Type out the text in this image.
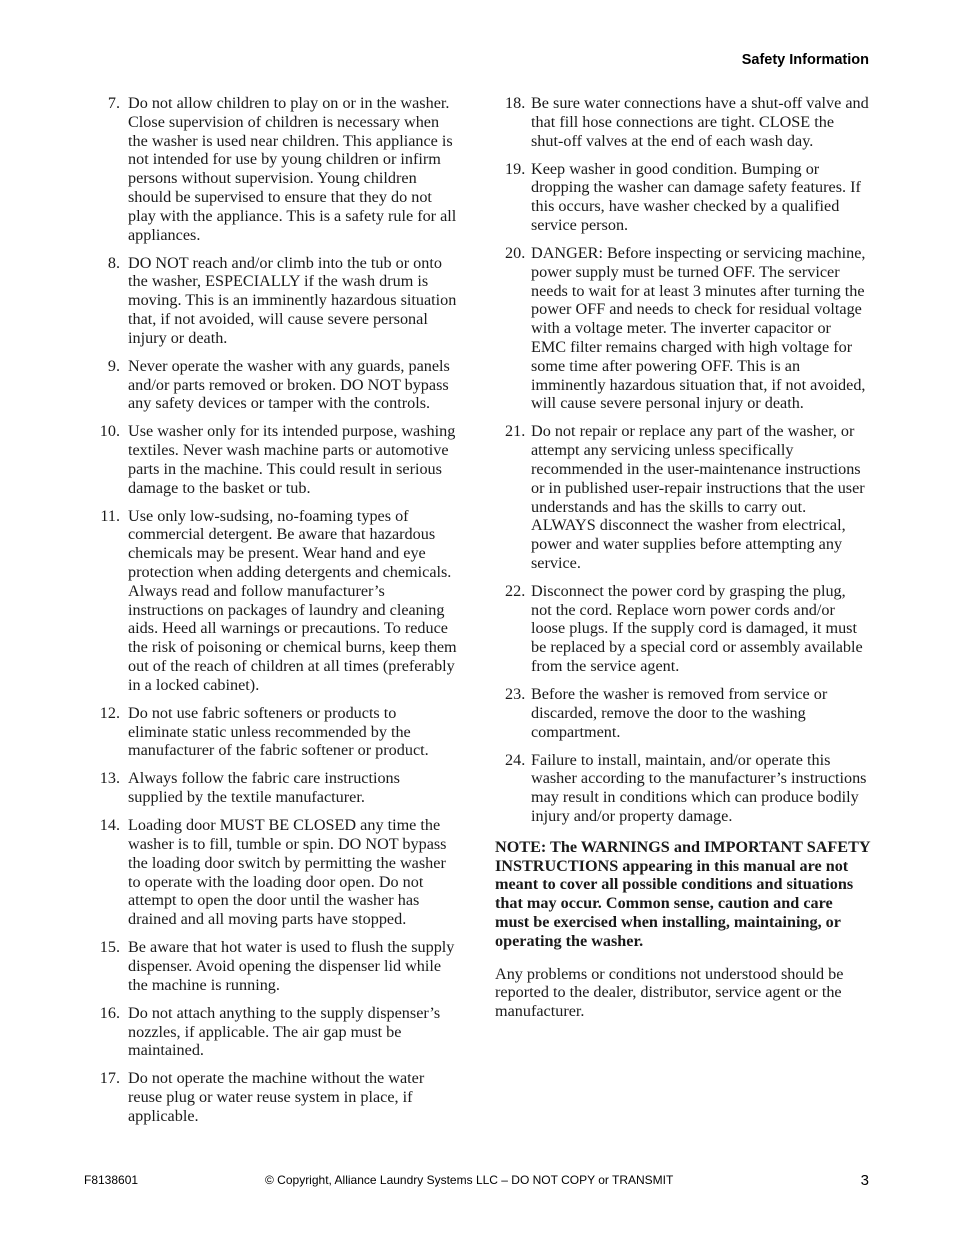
Safety Information
7. Do not allow children to play on or in the washer. Close supervision of children is necessary when the washer is used near children. This appliance is not intended for use by young children or infirm persons without supervision. Young children should be supervised to ensure that they do not play with the appliance. This is a safety rule for all appliances.
8. DO NOT reach and/or climb into the tub or onto the washer, ESPECIALLY if the wash drum is moving. This is an imminently hazardous situation that, if not avoided, will cause severe personal injury or death.
9. Never operate the washer with any guards, panels and/or parts removed or broken. DO NOT bypass any safety devices or tamper with the controls.
10. Use washer only for its intended purpose, washing textiles. Never wash machine parts or automotive parts in the machine. This could result in serious damage to the basket or tub.
11. Use only low-sudsing, no-foaming types of commercial detergent. Be aware that hazardous chemicals may be present. Wear hand and eye protection when adding detergents and chemicals. Always read and follow manufacturer’s instructions on packages of laundry and cleaning aids. Heed all warnings or precautions. To reduce the risk of poisoning or chemical burns, keep them out of the reach of children at all times (preferably in a locked cabinet).
12. Do not use fabric softeners or products to eliminate static unless recommended by the manufacturer of the fabric softener or product.
13. Always follow the fabric care instructions supplied by the textile manufacturer.
14. Loading door MUST BE CLOSED any time the washer is to fill, tumble or spin. DO NOT bypass the loading door switch by permitting the washer to operate with the loading door open. Do not attempt to open the door until the washer has drained and all moving parts have stopped.
15. Be aware that hot water is used to flush the supply dispenser. Avoid opening the dispenser lid while the machine is running.
16. Do not attach anything to the supply dispenser’s nozzles, if applicable. The air gap must be maintained.
17. Do not operate the machine without the water reuse plug or water reuse system in place, if applicable.
18. Be sure water connections have a shut-off valve and that fill hose connections are tight. CLOSE the shut-off valves at the end of each wash day.
19. Keep washer in good condition. Bumping or dropping the washer can damage safety features. If this occurs, have washer checked by a qualified service person.
20. DANGER: Before inspecting or servicing machine, power supply must be turned OFF. The servicer needs to wait for at least 3 minutes after turning the power OFF and needs to check for residual voltage with a voltage meter. The inverter capacitor or EMC filter remains charged with high voltage for some time after powering OFF. This is an imminently hazardous situation that, if not avoided, will cause severe personal injury or death.
21. Do not repair or replace any part of the washer, or attempt any servicing unless specifically recommended in the user-maintenance instructions or in published user-repair instructions that the user understands and has the skills to carry out. ALWAYS disconnect the washer from electrical, power and water supplies before attempting any service.
22. Disconnect the power cord by grasping the plug, not the cord. Replace worn power cords and/or loose plugs. If the supply cord is damaged, it must be replaced by a special cord or assembly available from the service agent.
23. Before the washer is removed from service or discarded, remove the door to the washing compartment.
24. Failure to install, maintain, and/or operate this washer according to the manufacturer’s instructions may result in conditions which can produce bodily injury and/or property damage.
NOTE: The WARNINGS and IMPORTANT SAFETY INSTRUCTIONS appearing in this manual are not meant to cover all possible conditions and situations that may occur. Common sense, caution and care must be exercised when installing, maintaining, or operating the washer.
Any problems or conditions not understood should be reported to the dealer, distributor, service agent or the manufacturer.
F8138601	© Copyright, Alliance Laundry Systems LLC – DO NOT COPY or TRANSMIT	3
